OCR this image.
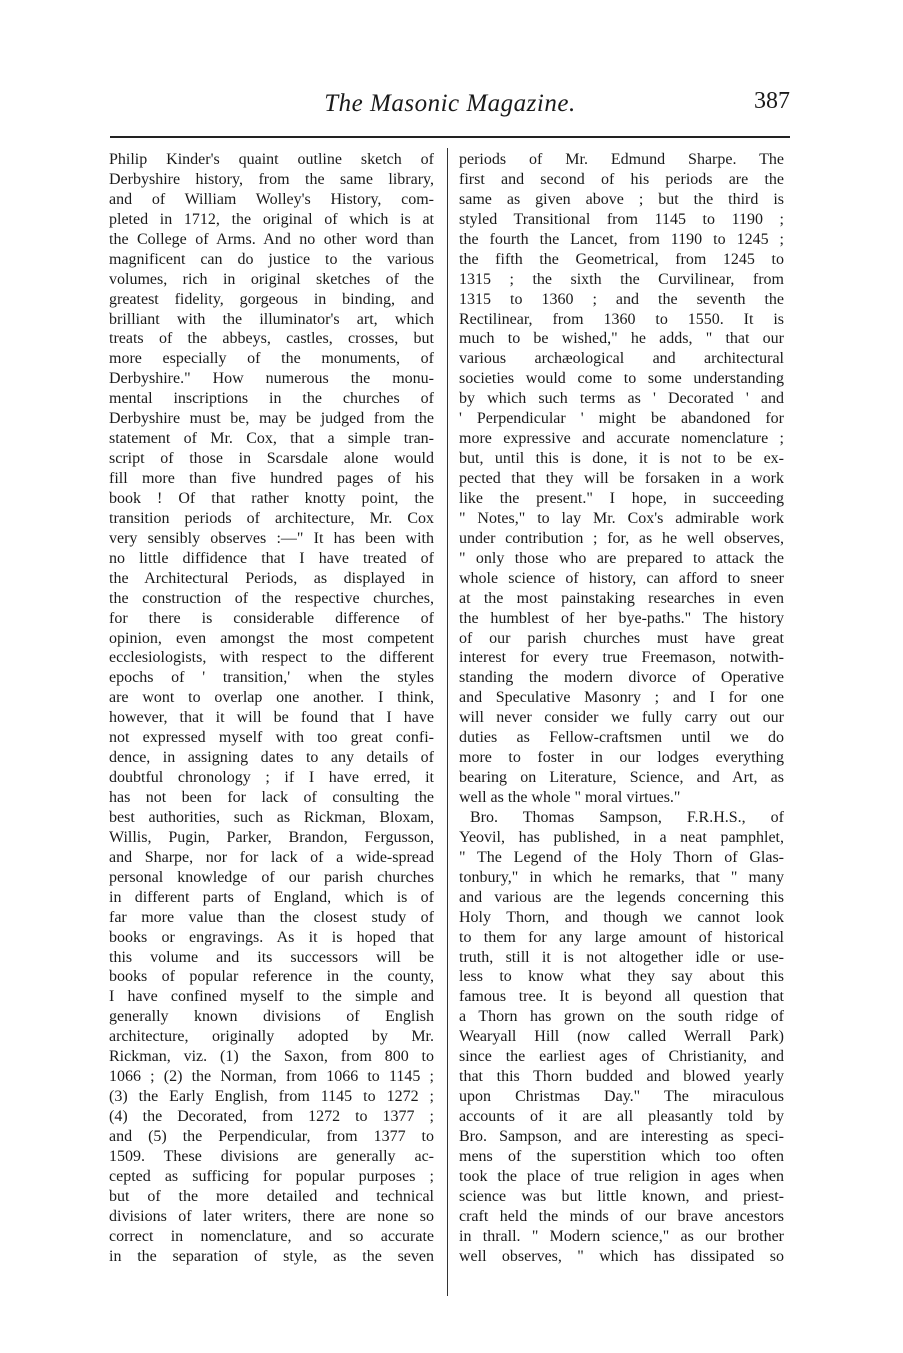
The Masonic Magazine.	387
Philip Kinder's quaint outline sketch of
Derbyshire history, from the same library,
and of William Wolley's History, com-
pleted in 1712, the original of which is at
the College of Arms. And no other word than
magnificent can do justice to the various
volumes, rich in original sketches of the
greatest fidelity, gorgeous in binding, and
brilliant with the illuminator's art, which
treats of the abbeys, castles, crosses, but
more especially of the monuments, of
Derbyshire." How numerous the monu-
mental inscriptions in the churches of
Derbyshire must be, may be judged from the
statement of Mr. Cox, that a simple tran-
script of those in Scarsdale alone would
fill more than five hundred pages of his
book ! Of that rather knotty point, the
transition periods of architecture, Mr. Cox
very sensibly observes :—" It has been with
no little diffidence that I have treated of
the Architectural Periods, as displayed in
the construction of the respective churches,
for there is considerable difference of
opinion, even amongst the most competent
ecclesiologists, with respect to the different
epochs of ' transition,' when the styles
are wont to overlap one another. I think,
however, that it will be found that I have
not expressed myself with too great confi-
dence, in assigning dates to any details of
doubtful chronology ; if I have erred, it
has not been for lack of consulting the
best authorities, such as Rickman, Bloxam,
Willis, Pugin, Parker, Brandon, Fergusson,
and Sharpe, nor for lack of a wide-spread
personal knowledge of our parish churches
in different parts of England, which is of
far more value than the closest study of
books or engravings. As it is hoped that
this volume and its successors will be
books of popular reference in the county,
I have confined myself to the simple and
generally known divisions of English
architecture, originally adopted by Mr.
Rickman, viz. (1) the Saxon, from 800 to
1066 ; (2) the Norman, from 1066 to 1145 ;
(3) the Early English, from 1145 to 1272 ;
(4) the Decorated, from 1272 to 1377 ;
and (5) the Perpendicular, from 1377 to
1509. These divisions are generally ac-
cepted as sufficing for popular purposes ;
but of the more detailed and technical
divisions of later writers, there are none so
correct in nomenclature, and so accurate
in the separation of style, as the seven
periods of Mr. Edmund Sharpe. The
first and second of his periods are the
same as given above ; but the third is
styled Transitional from 1145 to 1190 ;
the fourth the Lancet, from 1190 to 1245 ;
the fifth the Geometrical, from 1245 to
1315 ; the sixth the Curvilinear, from
1315 to 1360 ; and the seventh the
Rectilinear, from 1360 to 1550. It is
much to be wished," he adds, " that our
various archæological and architectural
societies would come to some understanding
by which such terms as ' Decorated ' and
' Perpendicular ' might be abandoned for
more expressive and accurate nomenclature ;
but, until this is done, it is not to be ex-
pected that they will be forsaken in a work
like the present." I hope, in succeeding
" Notes," to lay Mr. Cox's admirable work
under contribution ; for, as he well observes,
" only those who are prepared to attack the
whole science of history, can afford to sneer
at the most painstaking researches in even
the humblest of her bye-paths." The history
of our parish churches must have great
interest for every true Freemason, notwith-
standing the modern divorce of Operative
and Speculative Masonry ; and I for one
will never consider we fully carry out our
duties as Fellow-craftsmen until we do
more to foster in our lodges everything
bearing on Literature, Science, and Art, as
well as the whole " moral virtues."
Bro. Thomas Sampson, F.R.H.S., of
Yeovil, has published, in a neat pamphlet,
" The Legend of the Holy Thorn of Glas-
tonbury," in which he remarks, that " many
and various are the legends concerning this
Holy Thorn, and though we cannot look
to them for any large amount of historical
truth, still it is not altogether idle or use-
less to know what they say about this
famous tree. It is beyond all question that
a Thorn has grown on the south ridge of
Wearyall Hill (now called Werrall Park)
since the earliest ages of Christianity, and
that this Thorn budded and blowed yearly
upon Christmas Day." The miraculous
accounts of it are all pleasantly told by
Bro. Sampson, and are interesting as speci-
mens of the superstition which too often
took the place of true religion in ages when
science was but little known, and priest-
craft held the minds of our brave ancestors
in thrall. " Modern science," as our brother
well observes, " which has dissipated so
